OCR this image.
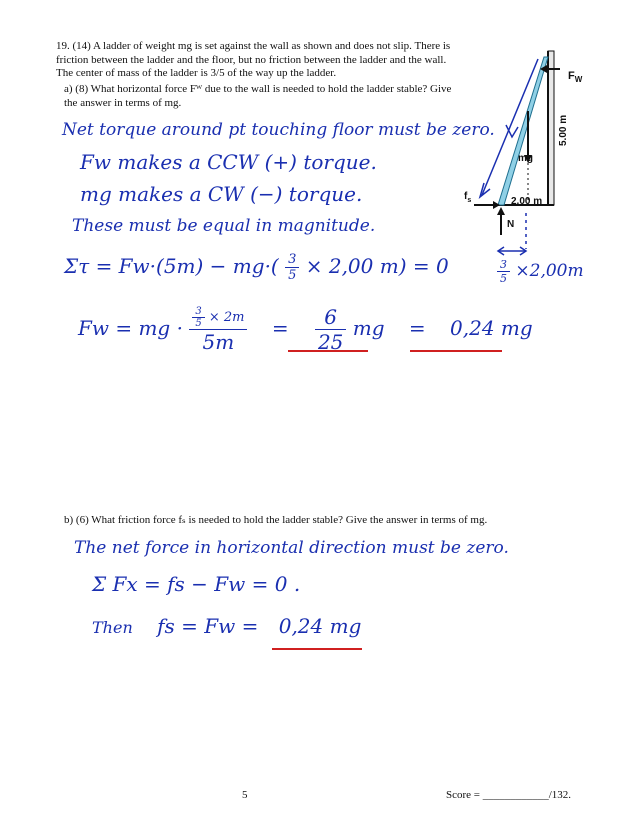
19. (14) A ladder of weight mg is set against the wall as shown and does not slip. There is friction between the ladder and the floor, but no friction between the ladder and the wall. The center of mass of the ladder is 3/5 of the way up the ladder.
a) (8) What horizontal force Fᵂ due to the wall is needed to hold the ladder stable? Give the answer in terms of mg.
Net torque around pt touching floor must be zero.
Fw makes a CCW (+) torque.
mg makes a CW (−) torque.
These must be equal in magnitude.
$\Sigma\tau = Fw\cdot(5m) - mg\cdot( \frac{3}{5} \times 2,00$ m) = 0
Fw = mg · $\frac{\frac{3}{5} \times 2m}{5m} = \frac{6}{25}$ mg = 0,24 mg
$F_W$
5.00 m
mg
$f_s$	2.00 m
N
$\frac{3}{5} \times 2,00m$
b) (6) What friction force fₛ is needed to hold the ladder stable? Give the answer in terms of mg.
The net force in horizontal direction must be zero.
Σ Fx = fs − Fw = 0 .
Then fs = Fw = 0,24 mg
5	Score = ____________/132.
